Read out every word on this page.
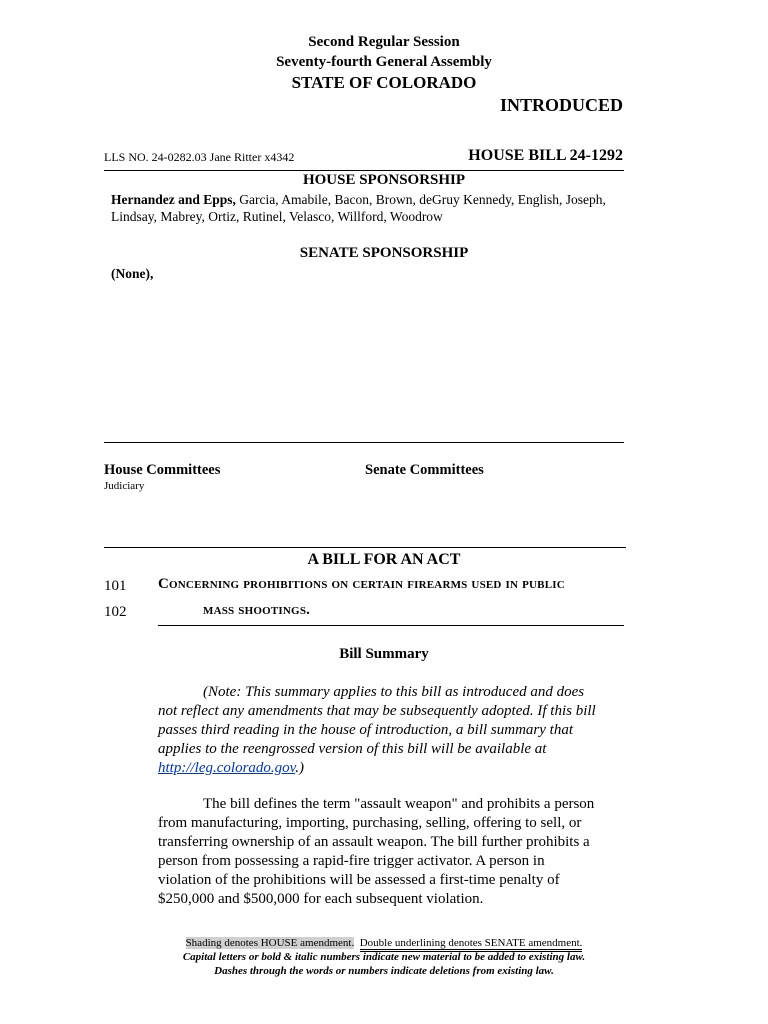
Second Regular Session
Seventy-fourth General Assembly
STATE OF COLORADO
INTRODUCED
LLS NO. 24-0282.03 Jane Ritter x4342	HOUSE BILL 24-1292
HOUSE SPONSORSHIP
Hernandez and Epps, Garcia, Amabile, Bacon, Brown, deGruy Kennedy, English, Joseph,
Lindsay, Mabrey, Ortiz, Rutinel, Velasco, Willford, Woodrow
SENATE SPONSORSHIP
(None),
House Committees
Judiciary
Senate Committees
A BILL FOR AN ACT
101 Concerning prohibitions on certain firearms used in public
102	mass shootings.
Bill Summary
(Note: This summary applies to this bill as introduced and does
not reflect any amendments that may be subsequently adopted. If this bill
passes third reading in the house of introduction, a bill summary that
applies to the reengrossed version of this bill will be available at
http://leg.colorado.gov.)
The bill defines the term "assault weapon" and prohibits a person
from manufacturing, importing, purchasing, selling, offering to sell, or
transferring ownership of an assault weapon. The bill further prohibits a
person from possessing a rapid-fire trigger activator. A person in
violation of the prohibitions will be assessed a first-time penalty of
$250,000 and $500,000 for each subsequent violation.
Shading denotes HOUSE amendment. Double underlining denotes SENATE amendment.
Capital letters or bold & italic numbers indicate new material to be added to existing law.
Dashes through the words or numbers indicate deletions from existing law.
